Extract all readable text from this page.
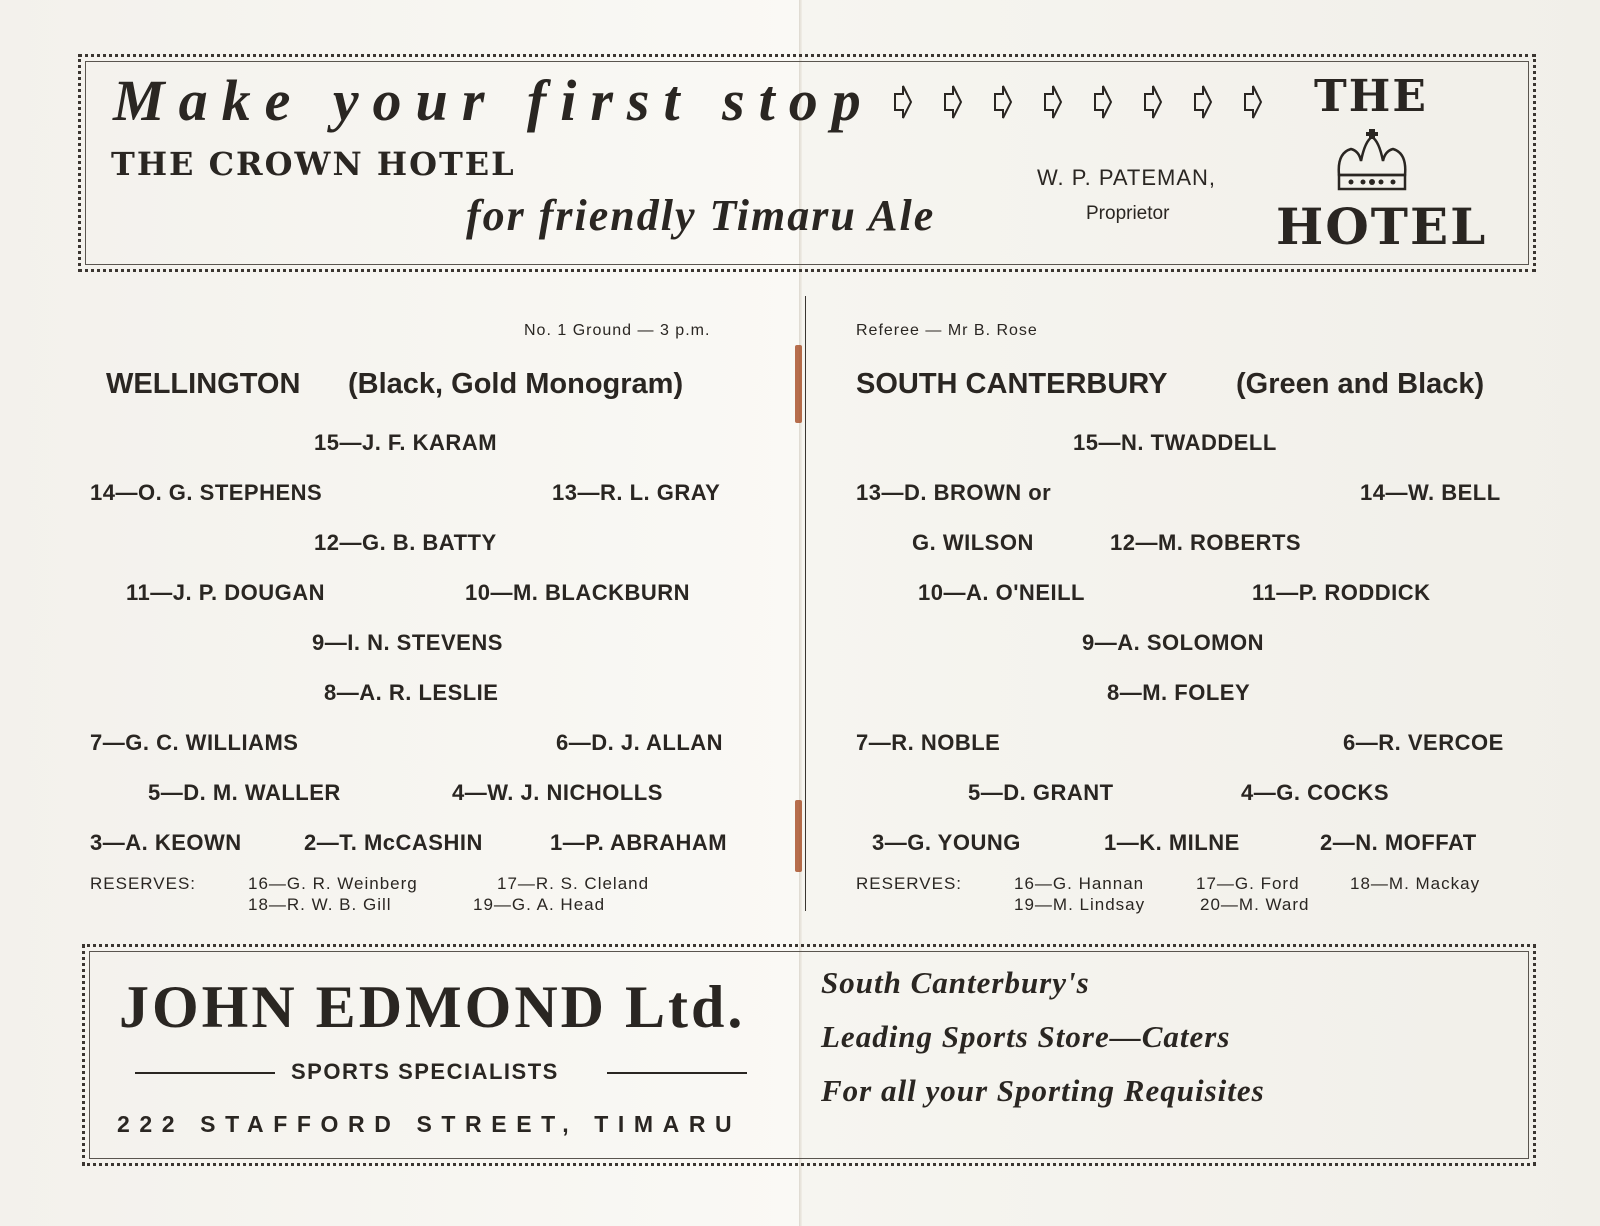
Make your first stop
THE CROWN HOTEL
for friendly Timaru Ale
W. P. PATEMAN,
Proprietor
THE
HOTEL
No. 1 Ground — 3 p.m.	Referee — Mr B. Rose
WELLINGTON (Black, Gold Monogram)
15—J. F. KARAM
14—O. G. STEPHENS	13—R. L. GRAY
12—G. B. BATTY
11—J. P. DOUGAN	10—M. BLACKBURN
9—I. N. STEVENS
8—A. R. LESLIE
7—G. C. WILLIAMS	6—D. J. ALLAN
5—D. M. WALLER	4—W. J. NICHOLLS
3—A. KEOWN	2—T. McCASHIN	1—P. ABRAHAM
RESERVES:	16—G. R. Weinberg	17—R. S. Cleland
18—R. W. B. Gill	19—G. A. Head
SOUTH CANTERBURY (Green and Black)
15—N. TWADDELL
13—D. BROWN or	14—W. BELL
G. WILSON	12—M. ROBERTS
10—A. O'NEILL	11—P. RODDICK
9—A. SOLOMON
8—M. FOLEY
7—R. NOBLE	6—R. VERCOE
5—D. GRANT	4—G. COCKS
3—G. YOUNG	1—K. MILNE	2—N. MOFFAT
RESERVES:	16—G. Hannan	17—G. Ford	18—M. Mackay
19—M. Lindsay	20—M. Ward
JOHN EDMOND Ltd.
SPORTS SPECIALISTS
222 STAFFORD STREET, TIMARU
South Canterbury's
Leading Sports Store—Caters
For all your Sporting Requisites
